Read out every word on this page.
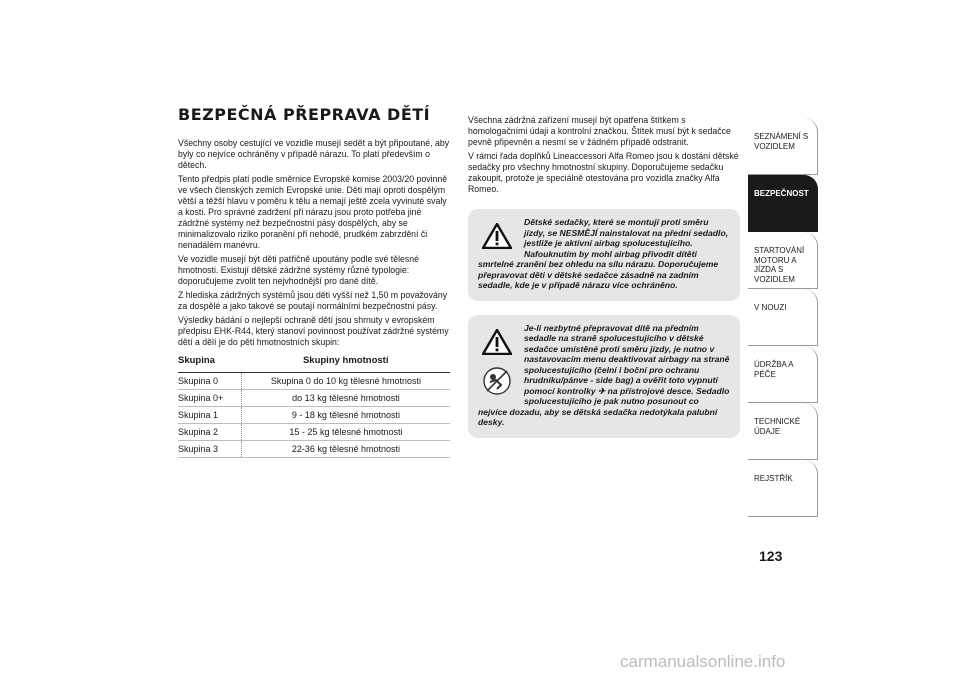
BEZPEČNÁ PŘEPRAVA DĚTÍ

Všechny osoby cestující ve vozidle musejí sedět a být připoutané, aby byly co nejvíce ochráněny v případě nárazu. To platí především o dětech.

Tento předpis platí podle směrnice Evropské komise 2003/20 povinně ve všech členských zemích Evropské unie. Děti mají oproti dospělým větší a těžší hlavu v poměru k tělu a nemají ještě zcela vyvinuté svaly a kosti. Pro správné zadržení při nárazu jsou proto potřeba jiné zádržné systémy než bezpečnostní pásy dospělých, aby se minimalizovalo riziko poranění při nehodě, prudkém zabrzdění či nenadálém manévru.

Ve vozidle musejí být děti patřičně upoutány podle své tělesné hmotnosti. Existují dětské zádržné systémy různé typologie: doporučujeme zvolit ten nejvhodnější pro dané dítě.

Z hlediska zádržných systémů jsou děti vyšší než 1,50 m považovány za dospělé a jako takové se poutají normálními bezpečnostní pásy.

Výsledky bádání o nejlepší ochraně dětí jsou shrnuty v evropském předpisu EHK-R44, který stanoví povinnost používat zádržné systémy dětí a dělí je do pěti hmotnostních skupin:

Skupina	Skupiny hmotností
Skupina 0	Skupina 0 do 10 kg tělesné hmotnosti
Skupina 0+	do 13 kg tělesné hmotnosti
Skupina 1	9 - 18 kg tělesné hmotnosti
Skupina 2	15 - 25 kg tělesné hmotnosti
Skupina 3	22-36 kg tělesné hmotnosti

Všechna zádržná zařízení musejí být opatřena štítkem s homologačními údaji a kontrolní značkou. Štítek musí být k sedačce pevně připevněn a nesmí se v žádném případě odstranit.

V rámci řada doplňků Lineaccessori Alfa Romeo jsou k dostání dětské sedačky pro všechny hmotnostní skupiny. Doporučujeme sedačku zakoupit, protože je speciálně otestována pro vozidla značky Alfa Romeo.

Dětské sedačky, které se montují proti směru jízdy, se NESMĚJÍ nainstalovat na přední sedadlo, jestliže je aktivní airbag spolucestujícího. Nafouknutím by mohl airbag přivodit dítěti smrtelné zranění bez ohledu na sílu nárazu. Doporučujeme přepravovat děti v dětské sedačce zásadně na zadním sedadle, kde je v případě nárazu více ochráněno.

Je-li nezbytné přepravovat dítě na předním sedadle na straně spolucestujícího v dětské sedačce umístěné proti směru jízdy, je nutno v nastavovacím menu deaktivovat airbagy na straně spolucestujícího (čelní i boční pro ochranu hrudníku/pánve - side bag) a ověřit toto vypnutí pomocí kontrolky ✈ na přístrojové desce. Sedadlo spolucestujícího je pak nutno posunout co nejvíce dozadu, aby se dětská sedačka nedotýkala palubní desky.
SEZNÁMENÍ S VOZIDLEM
BEZPEČNOST
STARTOVÁNÍ MOTORU A JÍZDA S VOZIDLEM
V NOUZI
ÚDRŽBA A PÉČE
TECHNICKÉ ÚDAJE
REJSTŘÍK
123
carmanualsonline.info
